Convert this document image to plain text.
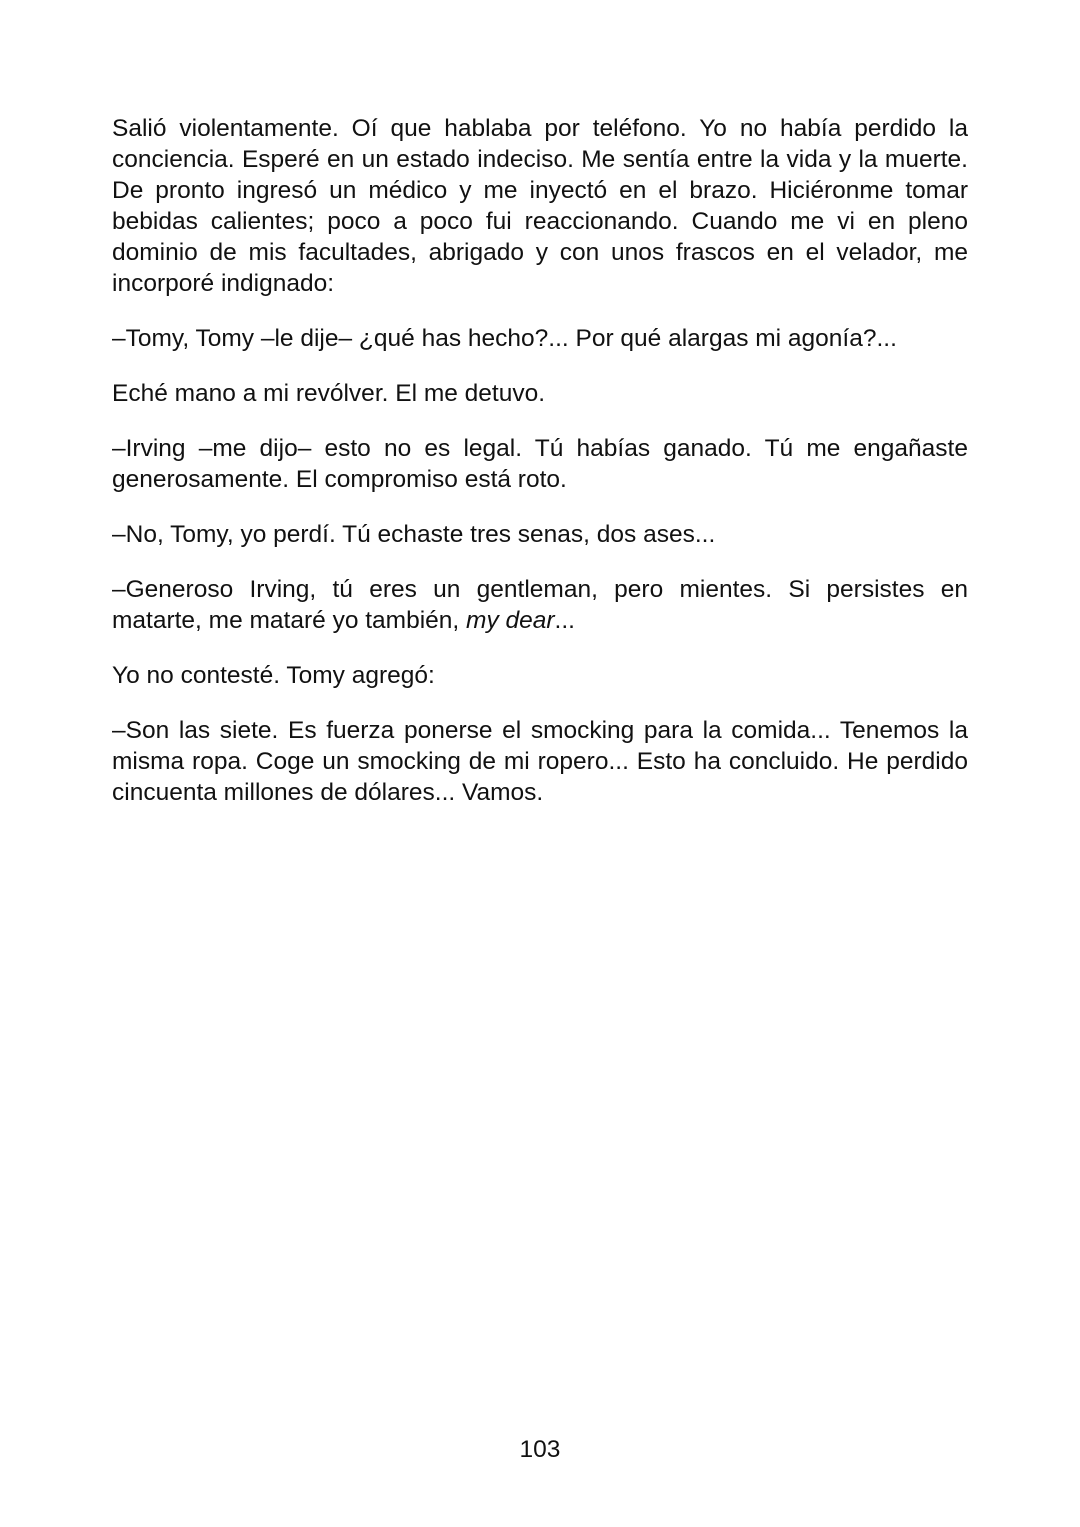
Salió violentamente. Oí que hablaba por teléfono. Yo no había perdido la conciencia. Esperé en un estado indeciso. Me sentía entre la vida y la muerte. De pronto ingresó un médico y me inyectó en el brazo. Hiciéronme tomar bebidas calientes; poco a poco fui reaccionando. Cuando me vi en pleno dominio de mis facultades, abrigado y con unos frascos en el velador, me incorporé indignado:

–Tomy, Tomy –le dije– ¿qué has hecho?... Por qué alargas mi agonía?...

Eché mano a mi revólver. El me detuvo.

–Irving –me dijo– esto no es legal. Tú habías ganado. Tú me engañaste generosamente. El compromiso está roto.

–No, Tomy, yo perdí. Tú echaste tres senas, dos ases...

–Generoso Irving, tú eres un gentleman, pero mientes. Si persistes en matarte, me mataré yo también, my dear...

Yo no contesté. Tomy agregó:

–Son las siete. Es fuerza ponerse el smocking para la comida... Tenemos la misma ropa. Coge un smocking de mi ropero... Esto ha concluido. He perdido cincuenta millones de dólares... Vamos.

103
